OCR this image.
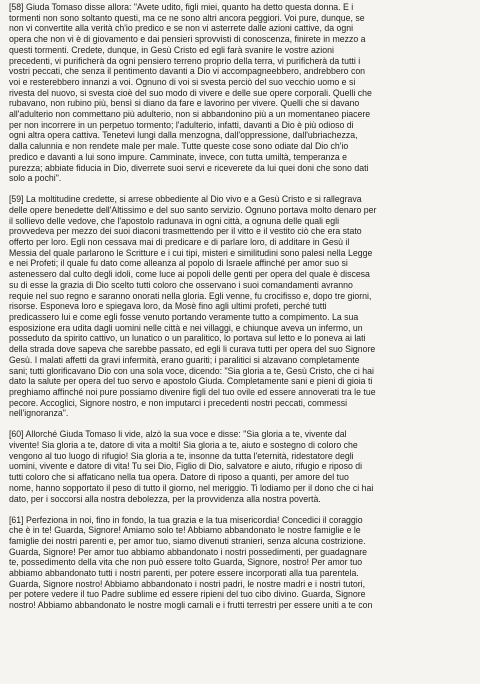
[58] Giuda Tomaso disse allora: "Avete udito, figli miei, quanto ha detto questa donna. E i
tormenti non sono soltanto questi, ma ce ne sono altri ancora peggiori. Voi pure, dunque, se
non vi convertite alla verità ch'io predico e se non vi asterrete dalle azioni cattive, da ogni
opera che non vi è di giovamento e dai pensieri sprovvisti di conoscenza, finirete in mezzo a
questi tormenti. Credete, dunque, in Gesù Cristo ed egli farà svanire le vostre azioni
precedenti, vi purificherà da ogni pensiero terreno proprio della terra, vi purificherà da tutti i
vostri peccati, che senza il pentimento davanti a Dio vi accompagneebbero, andrebbero con
voi e resterebbero innanzi a voi. Ognuno di voi si svesta perciò del suo vecchio uomo e si
rivesta del nuovo, si svesta cioè del suo modo di vivere e delle sue opere corporali. Quelli che
rubavano, non rubino più, bensì si diano da fare e lavorino per vivere. Quelli che si davano
all'adulterio non commettano più adulterio, non si abbandonino più a un momentaneo piacere
per non incorrere in un perpetuo tormento; l'adulterio, infatti, davanti a Dio è più odioso di
ogni altra opera cattiva. Tenetevi lungi dalla menzogna, dall'oppressione, dall'ubriachezza,
dalla calunnia e non rendete male per male. Tutte queste cose sono odiate dal Dio ch'io
predico e davanti a lui sono impure. Camminate, invece, con tutta umiltà, temperanza e
purezza; abbiate fiducia in Dio, diverrete suoi servi e riceverete da lui quei doni che sono dati
solo a pochi".
[59] La moltitudine credette, si arrese obbediente al Dio vivo e a Gesù Cristo e si rallegrava
delle opere benedette dell'Altissimo e del suo santo servizio. Ognuno portava molto denaro per
il sollievo delle vedove, che l'apostolo radunava in ogni città, a ognuna delle quali egli
provvedeva per mezzo dei suoi diaconi trasmettendo per il vitto e il vestito ciò che era stato
offerto per loro. Egli non cessava mai di predicare e di parlare loro, di additare in Gesù il
Messia del quale parlarono le Scritture e i cui tipi, misteri e similitudini sono palesi nella Legge
e nei Profeti; il quale fu dato come alleanza al popolo di Israele affinché per amor suo si
astenessero dal culto degli idoli, come luce ai popoli delle genti per opera del quale è discesa
su di esse la grazia di Dio scelto tutti coloro che osservano i suoi comandamenti avranno
requie nel suo regno e saranno onorati nella gloria. Egli venne, fu crocifisso e, dopo tre giorni,
risorse. Esponeva loro e spiegava loro, da Mosè fino agli ultimi profeti, perché tutti
predicassero lui e come egli fosse venuto portando veramente tutto a compimento. La sua
esposizione era udita dagli uomini nelle città e nei villaggi, e chiunque aveva un infermo, un
posseduto da spirito cattivo, un lunatico o un paralitico, lo portava sul letto e lo poneva ai lati
della strada dove sapeva che sarebbe passato, ed egli li curava tutti per opera del suo Signore
Gesù. I malati affetti da gravi infermità, erano guariti; i paralitici si alzavano completamente
sani; tutti glorificavano Dio con una sola voce, dicendo: "Sia gloria a te, Gesù Cristo, che ci hai
dato la salute per opera del tuo servo e apostolo Giuda. Completamente sani e pieni di gioia ti
preghiamo affinché noi pure possiamo divenire figli del tuo ovile ed essere annoverati tra le tue
pecore. Accoglici, Signore nostro, e non imputarci i precedenti nostri peccati, commessi
nell'ignoranza".
[60] Allorché Giuda Tomaso li vide, alzò la sua voce e disse: "Sia gloria a te, vivente dal
vivente! Sia gloria a te, datore di vita a molti! Sia gloria a te, aiuto e sostegno di coloro che
vengono al tuo luogo di rifugio! Sia gloria a te, insonne da tutta l'eternità, ridestatore degli
uomini, vivente e datore di vita! Tu sei Dio, Figlio di Dio, salvatore e aiuto, rifugio e riposo di
tutti coloro che si affaticano nella tua opera. Datore di riposo a quanti, per amore del tuo
nome, hanno sopportato il peso di tutto il giorno, nel meriggio. Ti lodiamo per il dono che ci hai
dato, per i soccorsi alla nostra debolezza, per la provvidenza alla nostra povertà.
[61] Perfeziona in noi, fino in fondo, la tua grazia e la tua misericordia! Concedici il coraggio
che è in te! Guarda, Signore! Amiamo solo te! Abbiamo abbandonato le nostre famiglie e le
famiglie dei nostri parenti e, per amor tuo, siamo divenuti stranieri, senza alcuna costrizione.
Guarda, Signore! Per amor tuo abbiamo abbandonato i nostri possedimenti, per guadagnare
te, possedimento della vita che non può essere tolto Guarda, Signore, nostro! Per amor tuo
abbiamo abbandonato tutti i nostri parenti, per potere essere incorporati alla tua parentela.
Guarda, Signore nostro! Abbiamo abbandonato i nostri padri, le nostre madri e i nostri tutori,
per potere vedere il tuo Padre sublime ed essere ripieni del tuo cibo divino. Guarda, Signore
nostro! Abbiamo abbandonato le nostre mogli carnali e i frutti terrestri per essere uniti a te con
